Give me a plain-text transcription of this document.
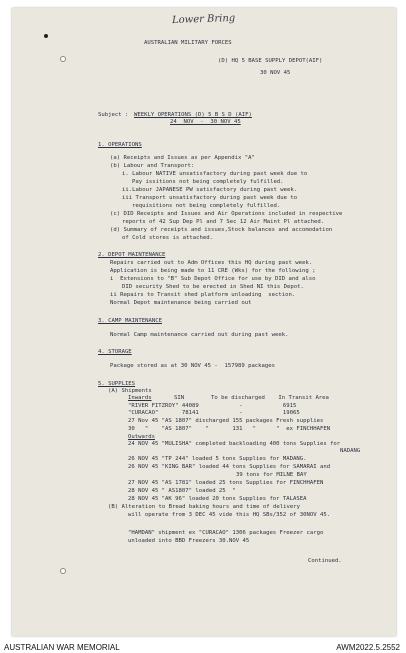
Lower Bring
AUSTRALIAN MILITARY FORCES
(D) HQ 5 BASE SUPPLY DEPOT(AIF)
30 NOV 45
Subject : WEEKLY OPERATIONS (D) 5 B S D (AIF)
24  NOV  -  30 NOV 45
1. OPERATIONS
(a) Receipts and Issues as per Appendix "A"
(b) Labour and Transport:
i. Labour NATIVE unsatisfactory during past week due to
Pay issitions not being completely fulfilled.
ii.Labour JAPANESE PW satisfactory during past week.
iii Transport unsatisfactory during past week due to
requisitions not being completely fulfilled.
(c) DID Receipts and Issues and Air Operations included in respective
reports of 42 Sup Dep Pl and 7 Sec 12 Air Maint Pl attached.
(d) Summary of receipts and issues,Stock balances and accomodation
of Cold stores is attached.
2. DEPOT MAINTENANCE
Repairs carried out to Adm Offices this HQ during past week.
Application is being made to 11 CRE (Wks) for the following ;
i  Extensions to "B" Sub Depot Office for use by DID and also
DID security Shed to be erected in Shed NI this Depot.
ii Repairs to Transit shed platform unloading  section.
Normal Depot maintenance being carried out
3. CAMP MAINTENANCE
Normal Camp maintenance carried out during past week.
4. STORAGE
Package stored as at 30 NOV 45 -  157989 packages
5. SUPPLIES
(A) Shipments
Inwards	SIN        To be discharged    In Transit Area
"RIVER FITZROY" 44089            -            6915
"CURACAO"       78141            -            19065
27 Nov 45 "AS 1807" discharged 155 packages Fresh supplies
30   "    "AS 1807"    "       131   "      "  ex FINCHHAFEN
Outwards
24 NOV 45 "MULISHA" completed backloading 400 tons Supplies for
NADANG
26 NOV 45 "TP 244" loaded 5 tons Supplies for MADANG.
26 NOV 45 "KING BAR" loaded 44 tons Supplies for SAMARAI and
39 tons for MILNE BAY
27 NOV 45 "AS 1781" loaded 25 tons Supplies for FINCHHAFEN
28 NOV 45 " AS1807" loaded 25  "
28 NOV 45 "AK 96" loaded 20 tons Supplies for TALASEA
(B) Alteration to Bread baking hours and time of delivery
will operate from 3 DEC 45 vide this HQ SBs/352 of 30NOV 45.
"HAMDAN" shipment ex "CURACAO" 1306 packages Freezer cargo
unloaded into BBD Freezers 30.NOV 45
Continued.
AUSTRALIAN WAR MEMORIAL	AWM2022.5.2552
